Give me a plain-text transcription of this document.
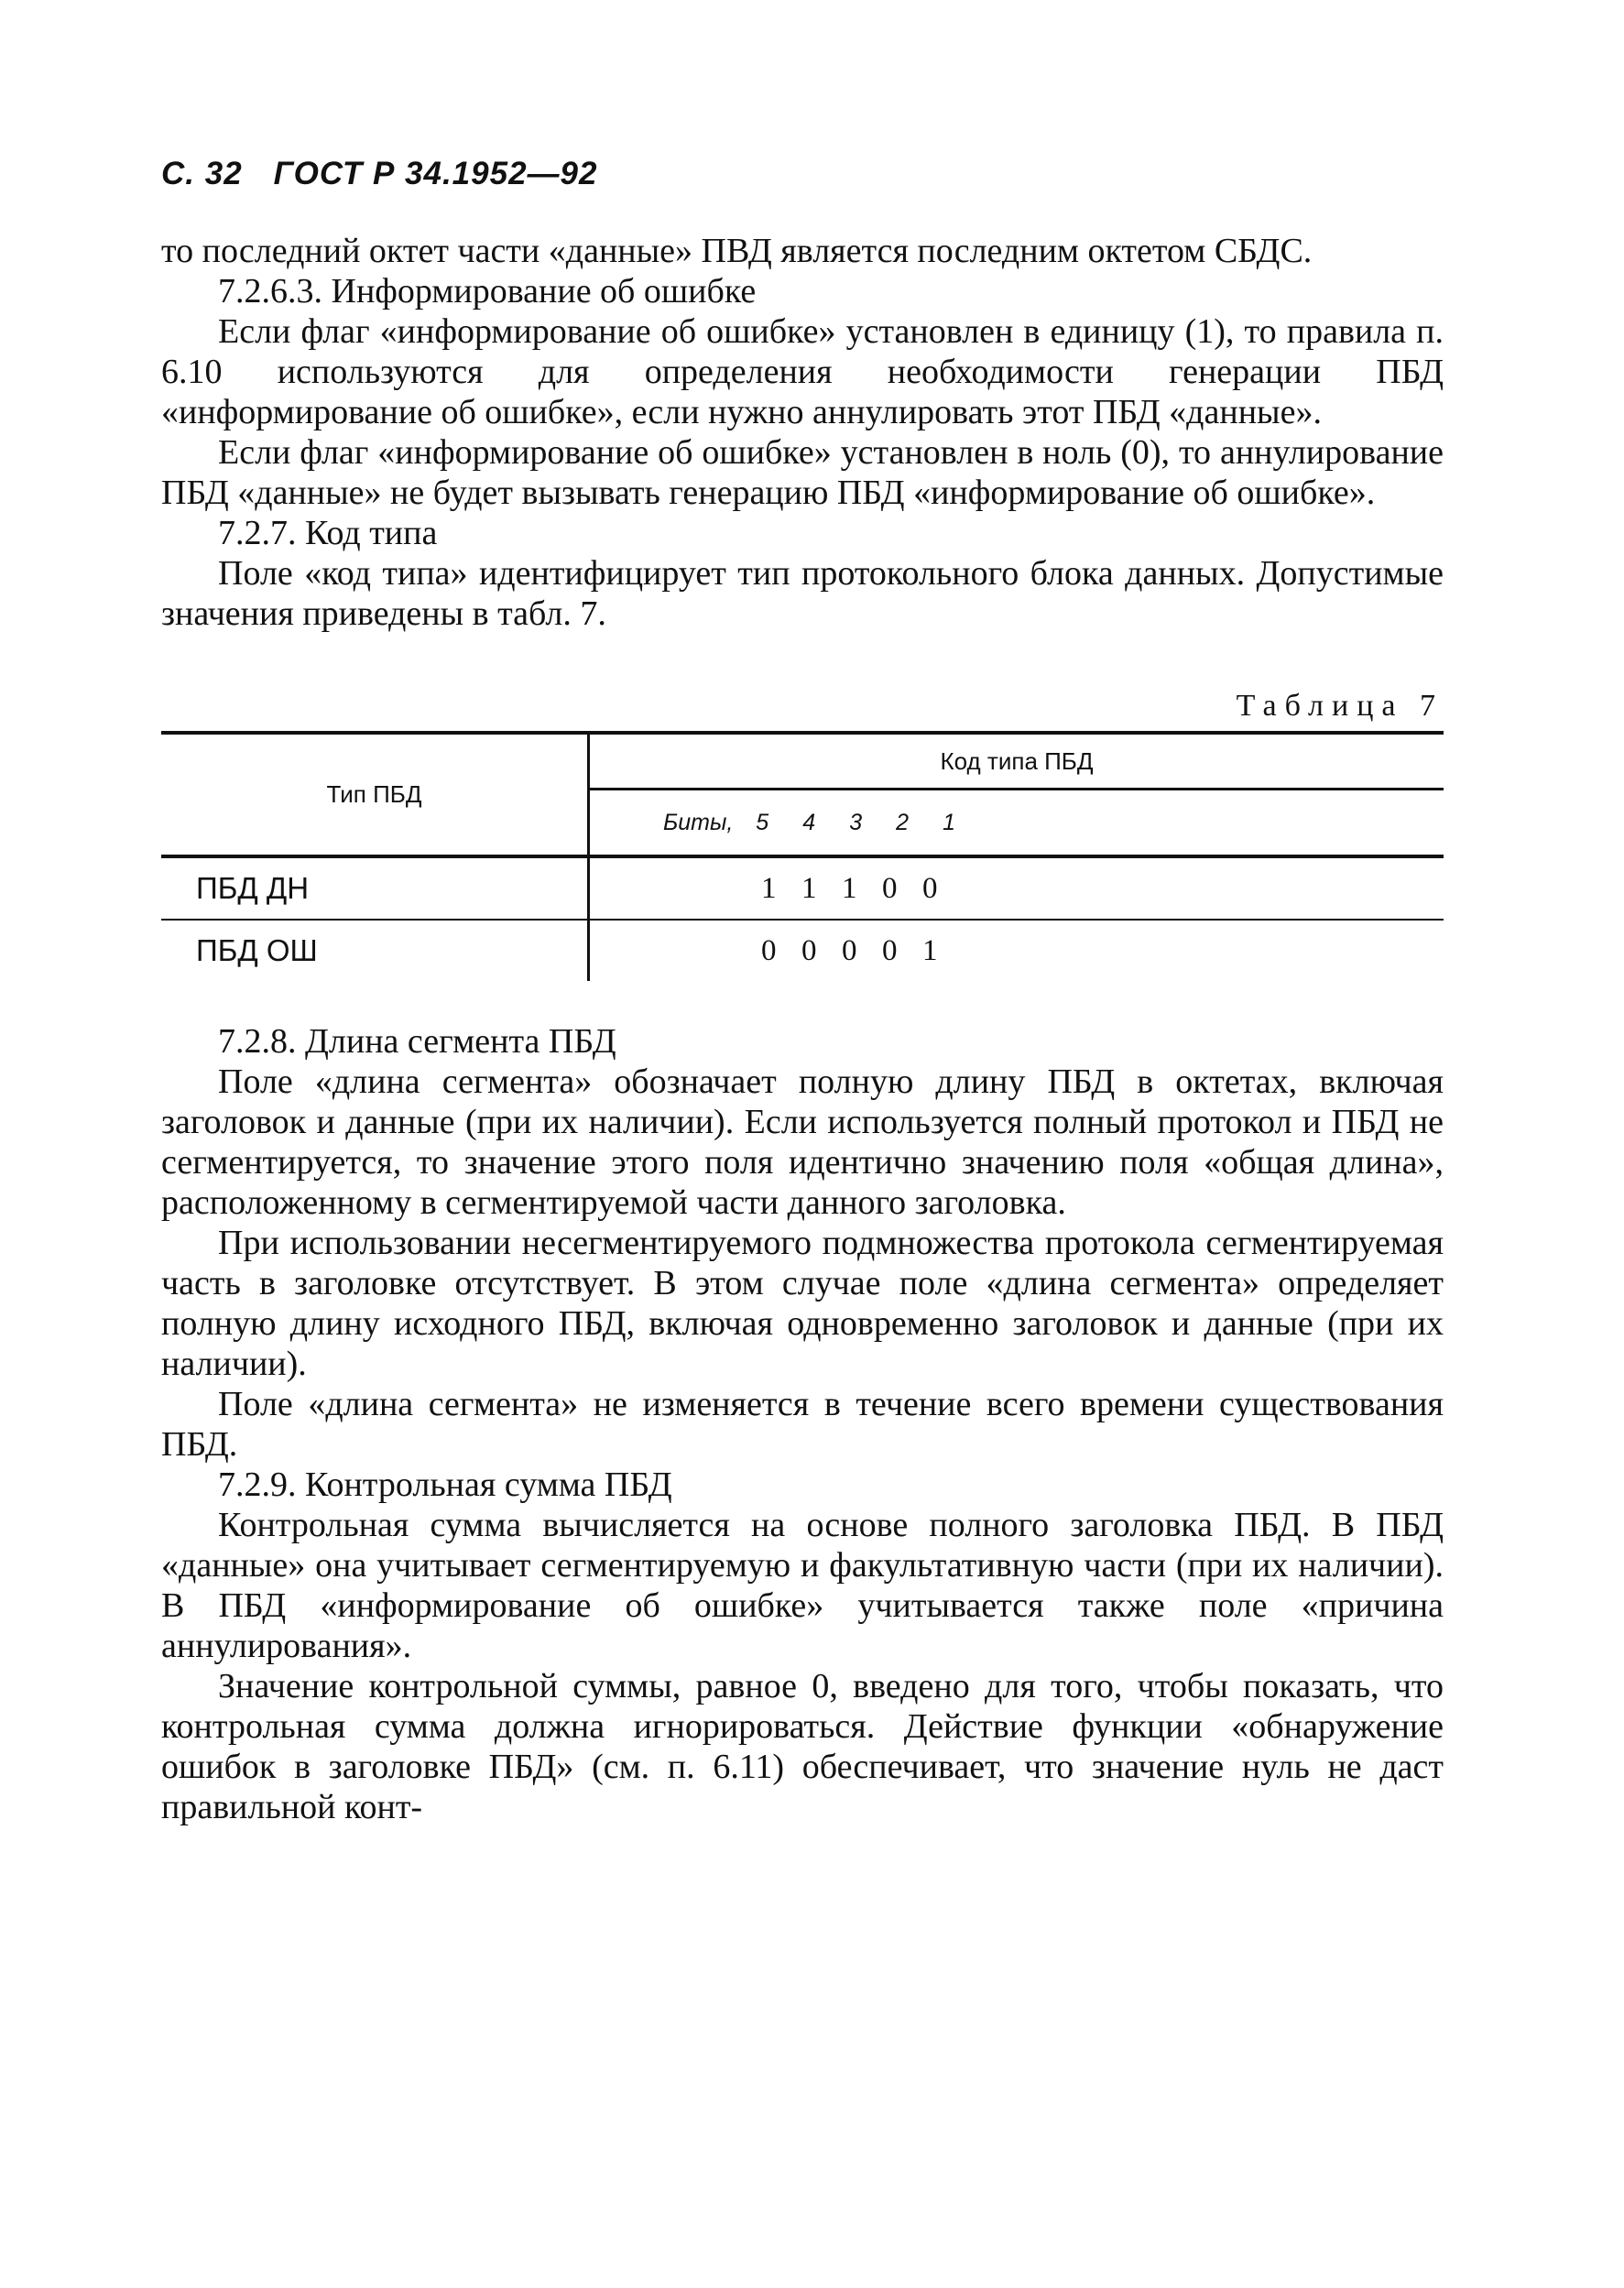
С. 32 ГОСТ Р 34.1952—92

то последний октет части «данные» ПВД является последним октетом СБДС.

7.2.6.3. Информирование об ошибке

Если флаг «информирование об ошибке» установлен в единицу (1), то правила п. 6.10 используются для определения необходимости генерации ПБД «информирование об ошибке», если нужно аннулировать этот ПБД «данные».

Если флаг «информирование об ошибке» установлен в ноль (0), то аннулирование ПБД «данные» не будет вызывать генерацию ПБД «информирование об ошибке».

7.2.7. Код типа

Поле «код типа» идентифицирует тип протокольного блока данных. Допустимые значения приведены в табл. 7.

Таблица 7
Тип ПБД	Код типа ПБД
	Биты, 5 4 3 2 1
ПБД ДН	1 1 1 0 0
ПБД ОШ	0 0 0 0 1

7.2.8. Длина сегмента ПБД

Поле «длина сегмента» обозначает полную длину ПБД в октетах, включая заголовок и данные (при их наличии). Если используется полный протокол и ПБД не сегментируется, то значение этого поля идентично значению поля «общая длина», расположенному в сегментируемой части данного заголовка.

При использовании несегментируемого подмножества протокола сегментируемая часть в заголовке отсутствует. В этом случае поле «длина сегмента» определяет полную длину исходного ПБД, включая одновременно заголовок и данные (при их наличии).

Поле «длина сегмента» не изменяется в течение всего времени существования ПБД.

7.2.9. Контрольная сумма ПБД

Контрольная сумма вычисляется на основе полного заголовка ПБД. В ПБД «данные» она учитывает сегментируемую и факультативную части (при их наличии). В ПБД «информирование об ошибке» учитывается также поле «причина аннулирования».

Значение контрольной суммы, равное 0, введено для того, чтобы показать, что контрольная сумма должна игнорироваться. Действие функции «обнаружение ошибок в заголовке ПБД» (см. п. 6.11) обеспечивает, что значение нуль не даст правильной конт-
